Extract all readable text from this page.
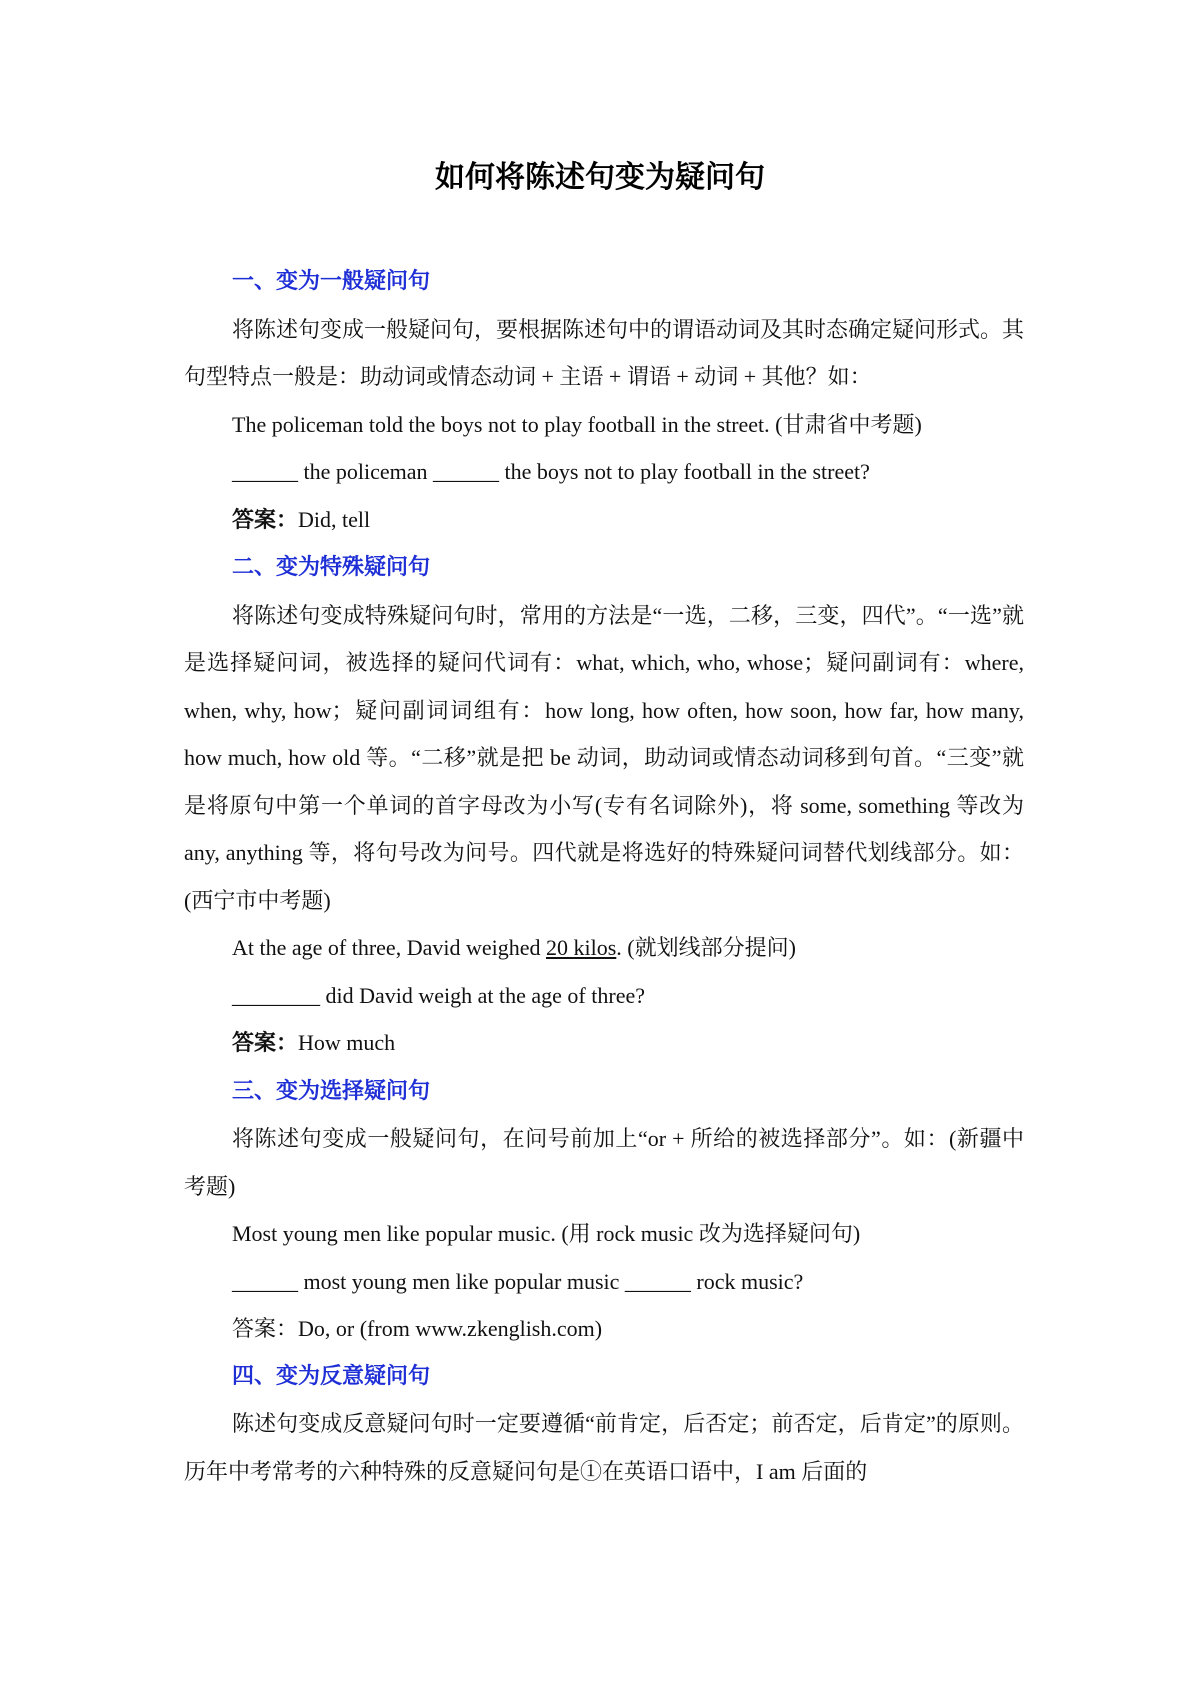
如何将陈述句变为疑问句

一、变为一般疑问句

将陈述句变成一般疑问句，要根据陈述句中的谓语动词及其时态确定疑问形式。其句型特点一般是：助动词或情态动词 + 主语 + 谓语 + 动词 + 其他？如：

The policeman told the boys not to play football in the street. (甘肃省中考题)

______ the policeman ______ the boys not to play football in the street?

答案：Did, tell

二、变为特殊疑问句

将陈述句变成特殊疑问句时，常用的方法是“一选，二移，三变，四代”。“一选”就是选择疑问词，被选择的疑问代词有：what, which, who, whose；疑问副词有：where, when, why, how；疑问副词词组有：how long, how often, how soon, how far, how many, how much, how old 等。“二移”就是把 be 动词，助动词或情态动词移到句首。“三变”就是将原句中第一个单词的首字母改为小写(专有名词除外)，将 some, something 等改为 any, anything 等，将句号改为问号。四代就是将选好的特殊疑问词替代划线部分。如：(西宁市中考题)

At the age of three, David weighed 20 kilos. (就划线部分提问)

________ did David weigh at the age of three?

答案：How much

三、变为选择疑问句

将陈述句变成一般疑问句，在问号前加上“or + 所给的被选择部分”。如：(新疆中考题)

Most young men like popular music. (用 rock music 改为选择疑问句)

______ most young men like popular music ______ rock music?

答案：Do, or (from www.zkenglish.com)

四、变为反意疑问句

陈述句变成反意疑问句时一定要遵循“前肯定，后否定；前否定，后肯定”的原则。历年中考常考的六种特殊的反意疑问句是①在英语口语中，I am 后面的
